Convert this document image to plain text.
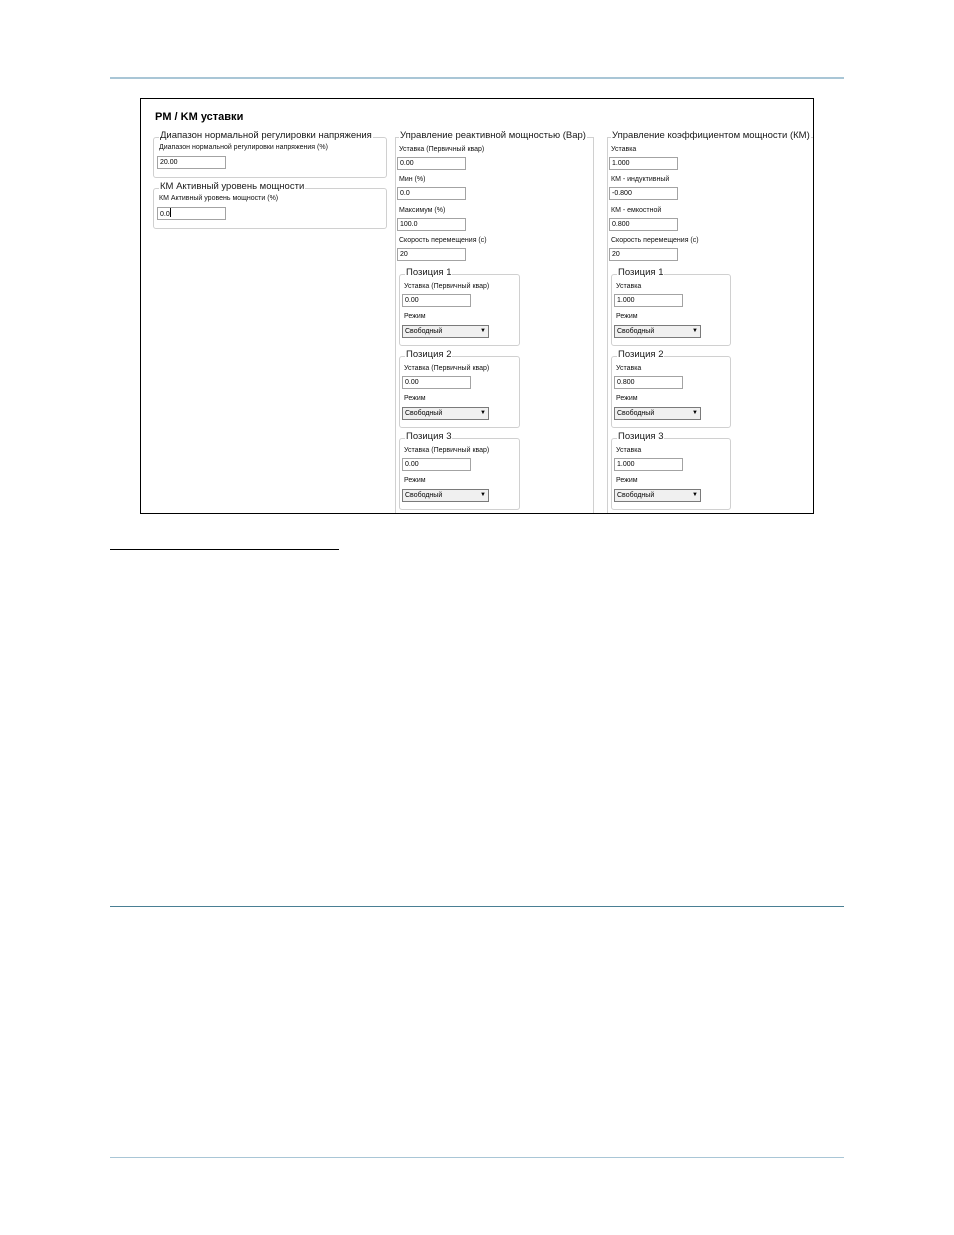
PM / KM уставки
Диапазон нормальной регулировки напряжения
Диапазон нормальной регулировки напряжения (%)
20.00
КМ Активный уровень мощности
КМ Активный уровень мощности (%)
0.0
Управление реактивной мощностью (Вар)
Уставка (Первичный квар)
0.00
Мин (%)
0.0
Максимум (%)
100.0
Скорость перемещения (с)
20
Позиция 1
Уставка (Первичный квар)
0.00
Режим
Свободный	▼
Позиция 2
Уставка (Первичный квар)
0.00
Режим
Свободный	▼
Позиция 3
Уставка (Первичный квар)
0.00
Режим
Свободный	▼
Управление коэффициентом мощности (КМ)
Уставка
1.000
КМ - индуктивный
-0.800
КМ - емкостной
0.800
Скорость перемещения (с)
20
Позиция 1
Уставка
1.000
Режим
Свободный	▼
Позиция 2
Уставка
0.800
Режим
Свободный	▼
Позиция 3
Уставка
1.000
Режим
Свободный	▼
